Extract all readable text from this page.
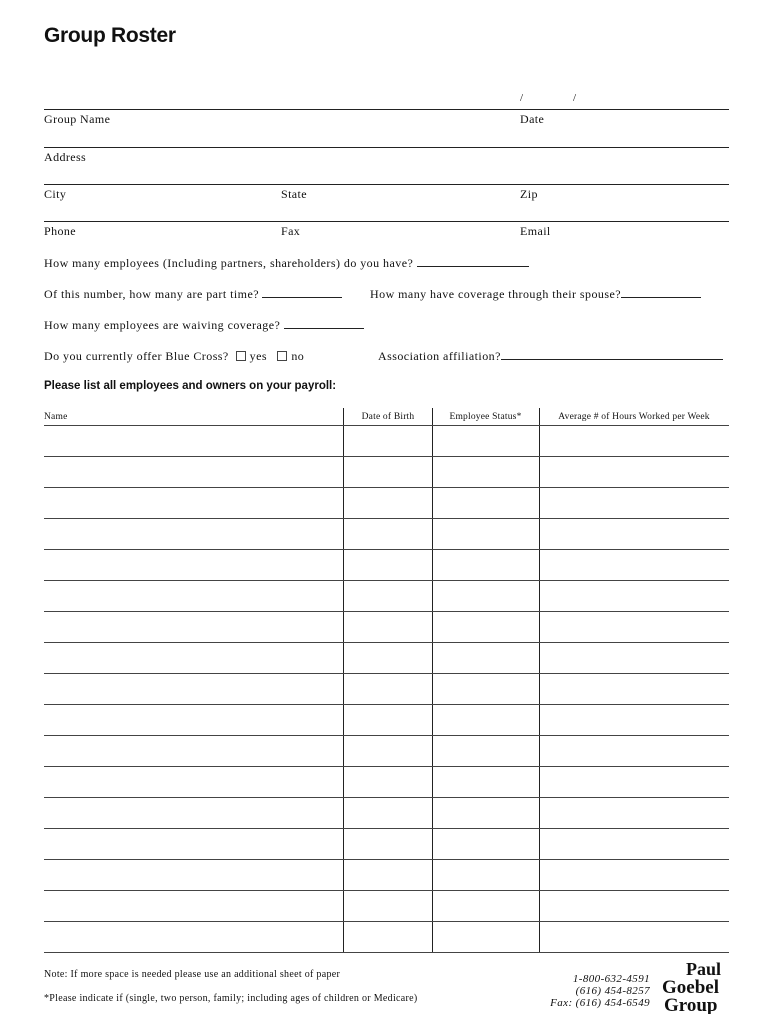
Group Roster
/	/
Group Name	Date
Address
City	State	Zip
Phone	Fax	Email
How many employees (Including partners, shareholders) do you have?
Of this number, how many are part time?	How many have coverage through their spouse?
How many employees are waiving coverage?
Do you currently offer Blue Cross? yes no	Association affiliation?
Please list all employees and owners on your payroll:
Name	Date of Birth	Employee Status*	Average # of Hours Worked per Week
Note: If more space is needed please use an additional sheet of paper
*Please indicate if (single, two person, family; including ages of children or Medicare)
1-800-632-4591
(616) 454-8257
Fax: (616) 454-6549
Paul
Goebel
Group
